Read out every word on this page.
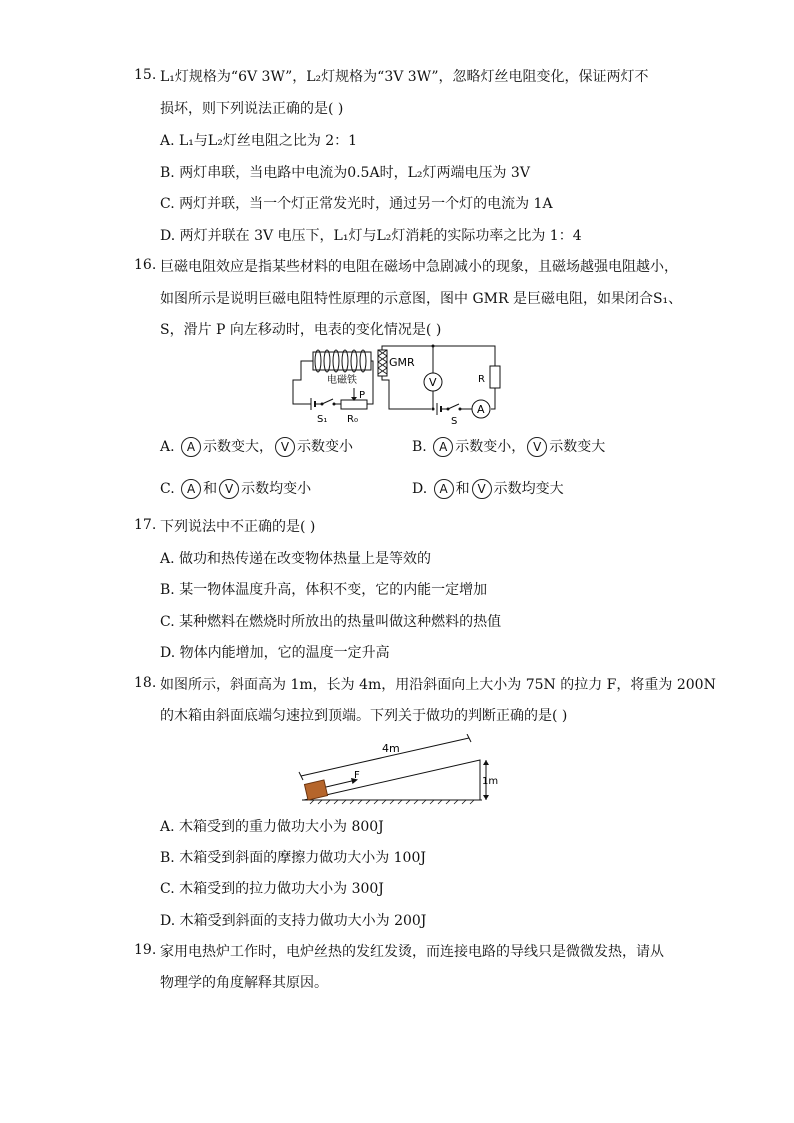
15. L₁灯规格为“6V 3W”，L₂灯规格为“3V 3W”，忽略灯丝电阻变化，保证两灯不
损坏，则下列说法正确的是( )
A. L₁与L₂灯丝电阻之比为 2：1
B. 两灯串联，当电路中电流为0.5A时，L₂灯两端电压为 3V
C. 两灯并联，当一个灯正常发光时，通过另一个灯的电流为 1A
D. 两灯并联在 3V 电压下，L₁灯与L₂灯消耗的实际功率之比为 1：4
16. 巨磁电阻效应是指某些材料的电阻在磁场中急剧减小的现象，且磁场越强电阻越小，
如图所示是说明巨磁电阻特性原理的示意图，图中 GMR 是巨磁电阻，如果闭合S₁、
S，滑片 P 向左移动时，电表的变化情况是( )
电磁铁
P
S₁ R₀
GMR
R
V
A
S
A. A 示数变大， V 示数变小	B. A 示数变小， V 示数变大
C. A 和 V 示数均变小	D. A 和 V 示数均变大
17. 下列说法中不正确的是( )
A. 做功和热传递在改变物体热量上是等效的
B. 某一物体温度升高，体积不变，它的内能一定增加
C. 某种燃料在燃烧时所放出的热量叫做这种燃料的热值
D. 物体内能增加，它的温度一定升高
18. 如图所示，斜面高为 1m，长为 4m，用沿斜面向上大小为 75N 的拉力 F，将重为 200N
的木箱由斜面底端匀速拉到顶端。下列关于做功的判断正确的是( )
F
4m
1m
A. 木箱受到的重力做功大小为 800J
B. 木箱受到斜面的摩擦力做功大小为 100J
C. 木箱受到的拉力做功大小为 300J
D. 木箱受到斜面的支持力做功大小为 200J
19. 家用电热炉工作时，电炉丝热的发红发烫，而连接电路的导线只是微微发热，请从
物理学的角度解释其原因。
